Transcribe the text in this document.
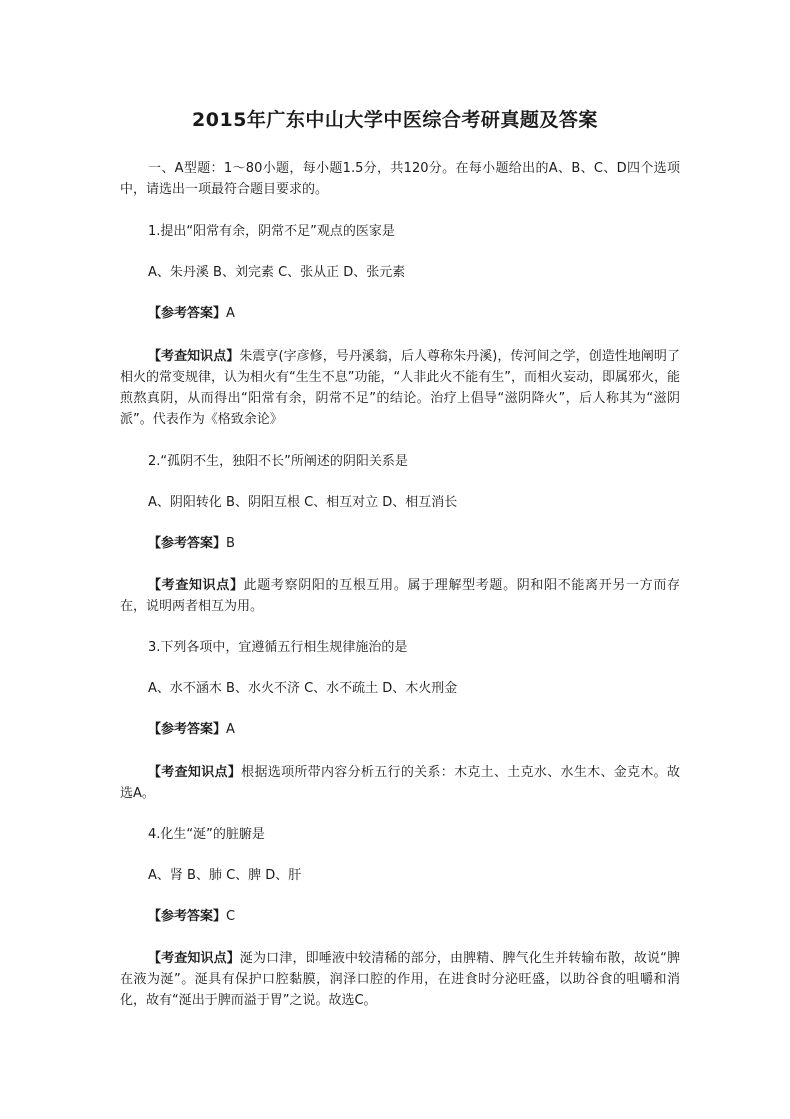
2015年广东中山大学中医综合考研真题及答案

一、A型题：1～80小题，每小题1.5分，共120分。在每小题给出的A、B、C、D四个选项中，请选出一项最符合题目要求的。

1.提出“阳常有余，阴常不足”观点的医家是

A、朱丹溪 B、刘完素 C、张从正 D、张元素

【参考答案】A

【考查知识点】朱震亨(字彦修，号丹溪翁，后人尊称朱丹溪)，传河间之学，创造性地阐明了相火的常变规律，认为相火有“生生不息”功能，“人非此火不能有生”，而相火妄动，即属邪火，能煎熬真阴，从而得出“阳常有余，阴常不足”的结论。治疗上倡导“滋阴降火”，后人称其为“滋阴派”。代表作为《格致余论》

2.“孤阴不生，独阳不长”所阐述的阴阳关系是

A、阴阳转化 B、阴阳互根 C、相互对立 D、相互消长

【参考答案】B

【考查知识点】此题考察阴阳的互根互用。属于理解型考题。阴和阳不能离开另一方而存在，说明两者相互为用。

3.下列各项中，宜遵循五行相生规律施治的是

A、水不涵木 B、水火不济 C、水不疏土 D、木火刑金

【参考答案】A

【考查知识点】根据选项所带内容分析五行的关系：木克土、土克水、水生木、金克木。故选A。

4.化生“涎”的脏腑是

A、肾 B、肺 C、脾 D、肝

【参考答案】C

【考查知识点】涎为口津，即唾液中较清稀的部分，由脾精、脾气化生并转输布散，故说“脾在液为涎”。涎具有保护口腔黏膜，润泽口腔的作用，在进食时分泌旺盛，以助谷食的咀嚼和消化，故有“涎出于脾而溢于胃”之说。故选C。
